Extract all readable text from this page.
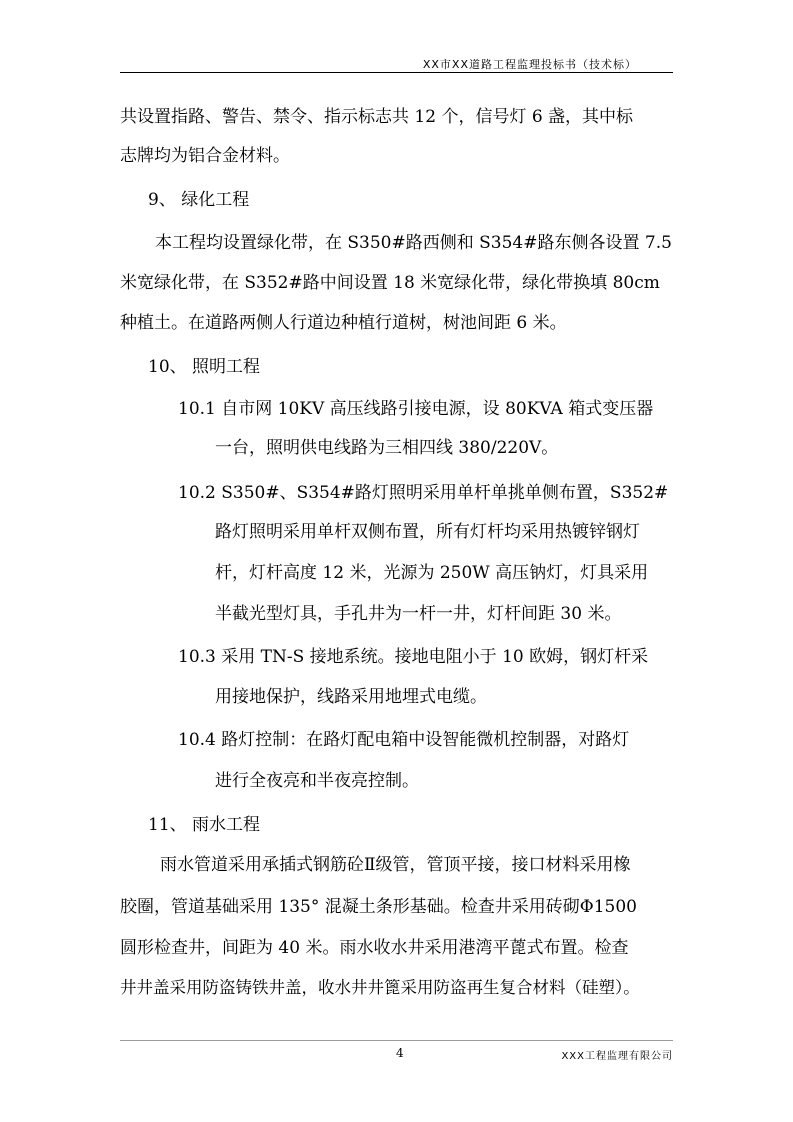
XX市XX道路工程监理投标书（技术标）
共设置指路、警告、禁令、指示标志共 12 个，信号灯 6 盏，其中标
志牌均为铝合金材料。
9、 绿化工程
本工程均设置绿化带，在 S350#路西侧和 S354#路东侧各设置 7.5
米宽绿化带，在 S352#路中间设置 18 米宽绿化带，绿化带换填 80cm
种植土。在道路两侧人行道边种植行道树，树池间距 6 米。
10、 照明工程
10.1 自市网 10KV 高压线路引接电源，设 80KVA 箱式变压器
一台，照明供电线路为三相四线 380/220V。
10.2 S350#、S354#路灯照明采用单杆单挑单侧布置，S352#
路灯照明采用单杆双侧布置，所有灯杆均采用热镀锌钢灯
杆，灯杆高度 12 米，光源为 250W 高压钠灯，灯具采用
半截光型灯具，手孔井为一杆一井，灯杆间距 30 米。
10.3 采用 TN-S 接地系统。接地电阻小于 10 欧姆，钢灯杆采
用接地保护，线路采用地埋式电缆。
10.4 路灯控制：在路灯配电箱中设智能微机控制器，对路灯
进行全夜亮和半夜亮控制。
11、 雨水工程
雨水管道采用承插式钢筋砼Ⅱ级管，管顶平接，接口材料采用橡
胶圈，管道基础采用 135° 混凝土条形基础。检查井采用砖砌Φ1500
圆形检查井，间距为 40 米。雨水收水井采用港湾平蓖式布置。检查
井井盖采用防盗铸铁井盖，收水井井篦采用防盗再生复合材料（硅塑）。
4	XXX工程监理有限公司
